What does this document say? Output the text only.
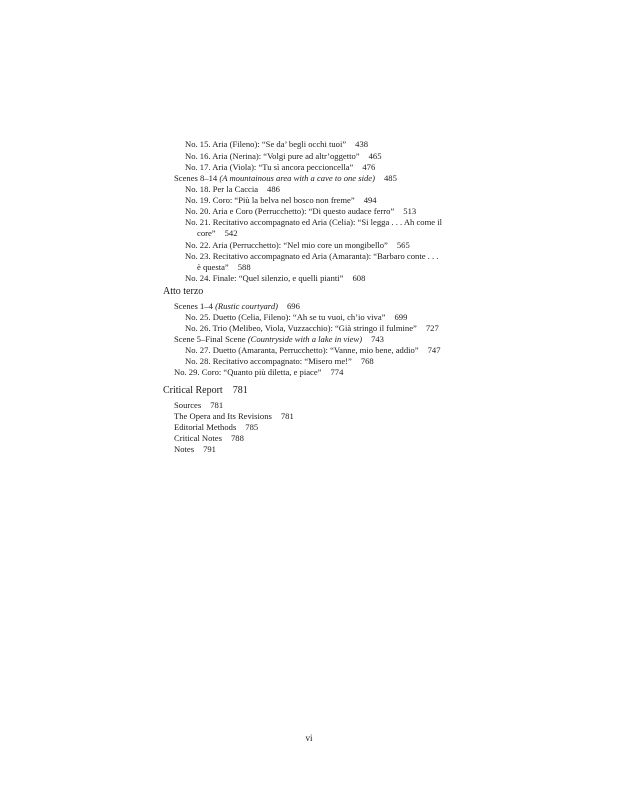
No. 15. Aria (Fileno): “Se da’ begli occhi tuoi” 438
No. 16. Aria (Nerina): “Volgi pure ad altr’oggetto” 465
No. 17. Aria (Viola): “Tu sì ancora peccioncella” 476
Scenes 8–14 (A mountainous area with a cave to one side) 485
No. 18. Per la Caccia 486
No. 19. Coro: “Più la belva nel bosco non freme” 494
No. 20. Aria e Coro (Perrucchetto): “Di questo audace ferro” 513
No. 21. Recitativo accompagnato ed Aria (Celia): “Si legga . . . Ah come il
core” 542
No. 22. Aria (Perrucchetto): “Nel mio core un mongibello” 565
No. 23. Recitativo accompagnato ed Aria (Amaranta): “Barbaro conte . . .
è questa” 588
No. 24. Finale: “Quel silenzio, e quelli pianti” 608
Atto terzo
Scenes 1–4 (Rustic courtyard) 696
No. 25. Duetto (Celia, Fileno): “Ah se tu vuoi, ch’io viva” 699
No. 26. Trio (Melibeo, Viola, Vuzzacchio): “Già stringo il fulmine” 727
Scene 5–Final Scene (Countryside with a lake in view) 743
No. 27. Duetto (Amaranta, Perrucchetto): “Vanne, mio bene, addio” 747
No. 28. Recitativo accompagnato: “Misero me!” 768
No. 29. Coro: “Quanto più diletta, e piace” 774
Critical Report 781
Sources 781
The Opera and Its Revisions 781
Editorial Methods 785
Critical Notes 788
Notes 791
vi
